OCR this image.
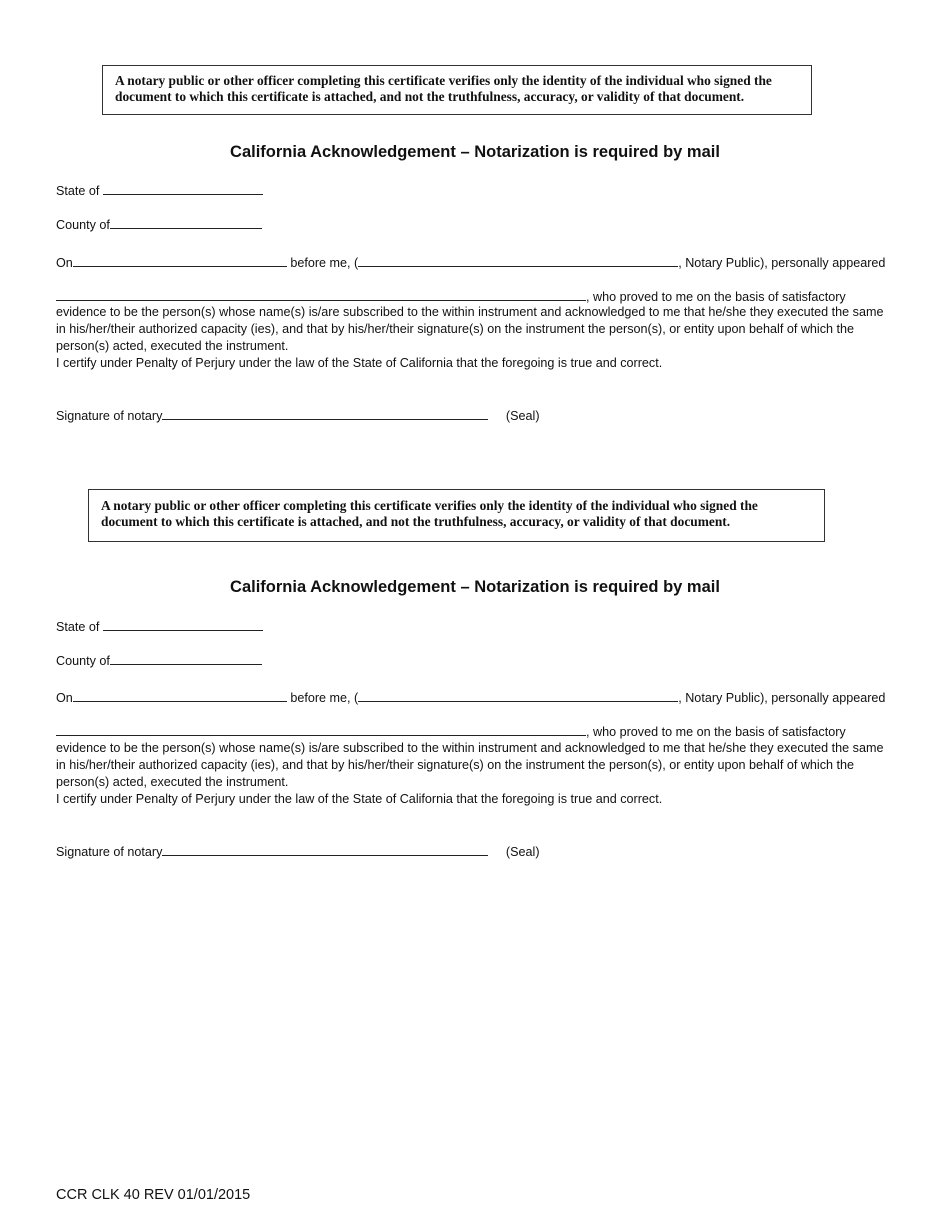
A notary public or other officer completing this certificate verifies only the identity of the individual who signed the document to which this certificate is attached, and not the truthfulness, accuracy, or validity of that document.
California Acknowledgement – Notarization is required by mail
State of
County of
On	before me, (	, Notary Public), personally appeared
, who proved to me on the basis of satisfactory

evidence to be the person(s) whose name(s) is/are subscribed to the within instrument and acknowledged to me that he/she they executed the same in his/her/their authorized capacity (ies), and that by his/her/their signature(s) on the instrument the person(s), or entity upon behalf of which the person(s) acted, executed the instrument.

I certify under Penalty of Perjury under the law of the State of California that the foregoing is true and correct.

Signature of notary	(Seal)
A notary public or other officer completing this certificate verifies only the identity of the individual who signed the document to which this certificate is attached, and not the truthfulness, accuracy, or validity of that document.
California Acknowledgement – Notarization is required by mail
State of
County of
On	before me, (	, Notary Public), personally appeared
, who proved to me on the basis of satisfactory

evidence to be the person(s) whose name(s) is/are subscribed to the within instrument and acknowledged to me that he/she they executed the same in his/her/their authorized capacity (ies), and that by his/her/their signature(s) on the instrument the person(s), or entity upon behalf of which the person(s) acted, executed the instrument.

I certify under Penalty of Perjury under the law of the State of California that the foregoing is true and correct.

Signature of notary	(Seal)
CCR CLK 40 REV 01/01/2015
